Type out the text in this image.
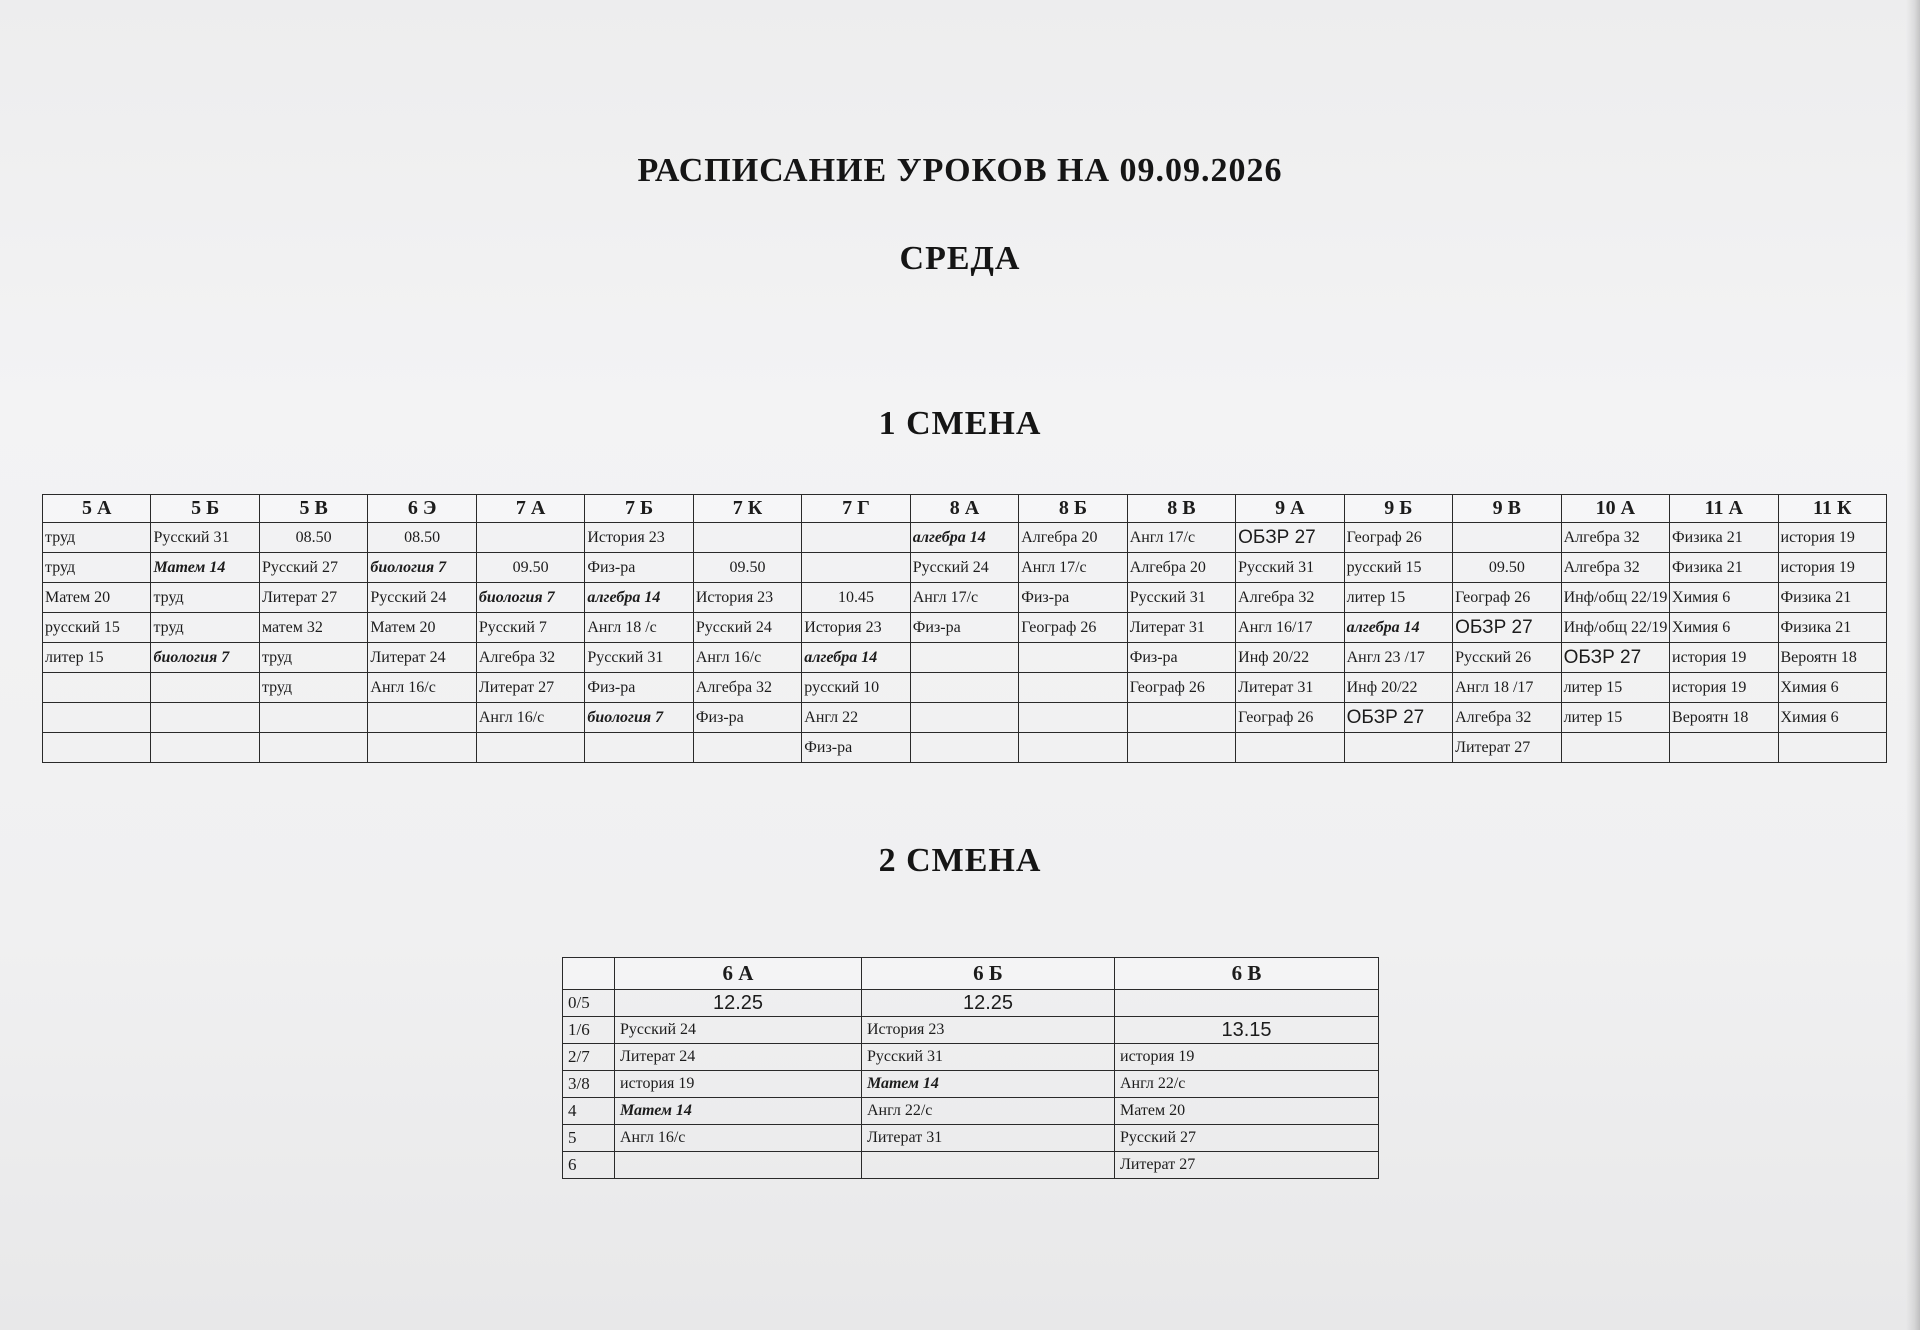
РАСПИСАНИЕ УРОКОВ НА 09.09.2026
СРЕДА
1 СМЕНА
5 А	5 Б	5 В	6 Э	7 А	7 Б	7 К	7 Г	8 А	8 Б	8 В	9 А	9 Б	9 В	10 А	11 А	11 К
труд	Русский 31	08.50	08.50		История 23			алгебра 14	Алгебра 20	Англ 17/с	ОБЗР 27	Географ 26		Алгебра 32	Физика 21	история 19
труд	Матем 14	Русский 27	биология 7	09.50	Физ-ра	09.50		Русский 24	Англ 17/с	Алгебра 20	Русский 31	русский 15	09.50	Алгебра 32	Физика 21	история 19
Матем 20	труд	Литерат 27	Русский 24	биология 7	алгебра 14	История 23	10.45	Англ 17/с	Физ-ра	Русский 31	Алгебра 32	литер 15	Географ 26	Инф/общ 22/19	Химия 6	Физика 21
русский 15	труд	матем 32	Матем 20	Русский 7	Англ 18 /с	Русский 24	История 23	Физ-ра	Географ 26	Литерат 31	Англ 16/17	алгебра 14	ОБЗР 27	Инф/общ 22/19	Химия 6	Физика 21
литер 15	биология 7	труд	Литерат 24	Алгебра 32	Русский 31	Англ 16/с	алгебра 14			Физ-ра	Инф 20/22	Англ 23 /17	Русский 26	ОБЗР 27	история 19	Вероятн 18
		труд	Англ 16/с	Литерат 27	Физ-ра	Алгебра 32	русский 10			Географ 26	Литерат 31	Инф 20/22	Англ 18 /17	литер 15	история 19	Химия 6
				Англ 16/с	биология 7	Физ-ра	Англ 22				Географ 26	ОБЗР 27	Алгебра 32	литер 15	Вероятн 18	Химия 6
							Физ-ра						Литерат 27			
2 СМЕНА
	6 А	6 Б	6 В
0/5	12.25	12.25	
1/6	Русский 24	История 23	13.15
2/7	Литерат 24	Русский 31	история 19
3/8	история 19	Матем 14	Англ 22/с
4	Матем 14	Англ 22/с	Матем 20
5	Англ 16/с	Литерат 31	Русский 27
6			Литерат 27
